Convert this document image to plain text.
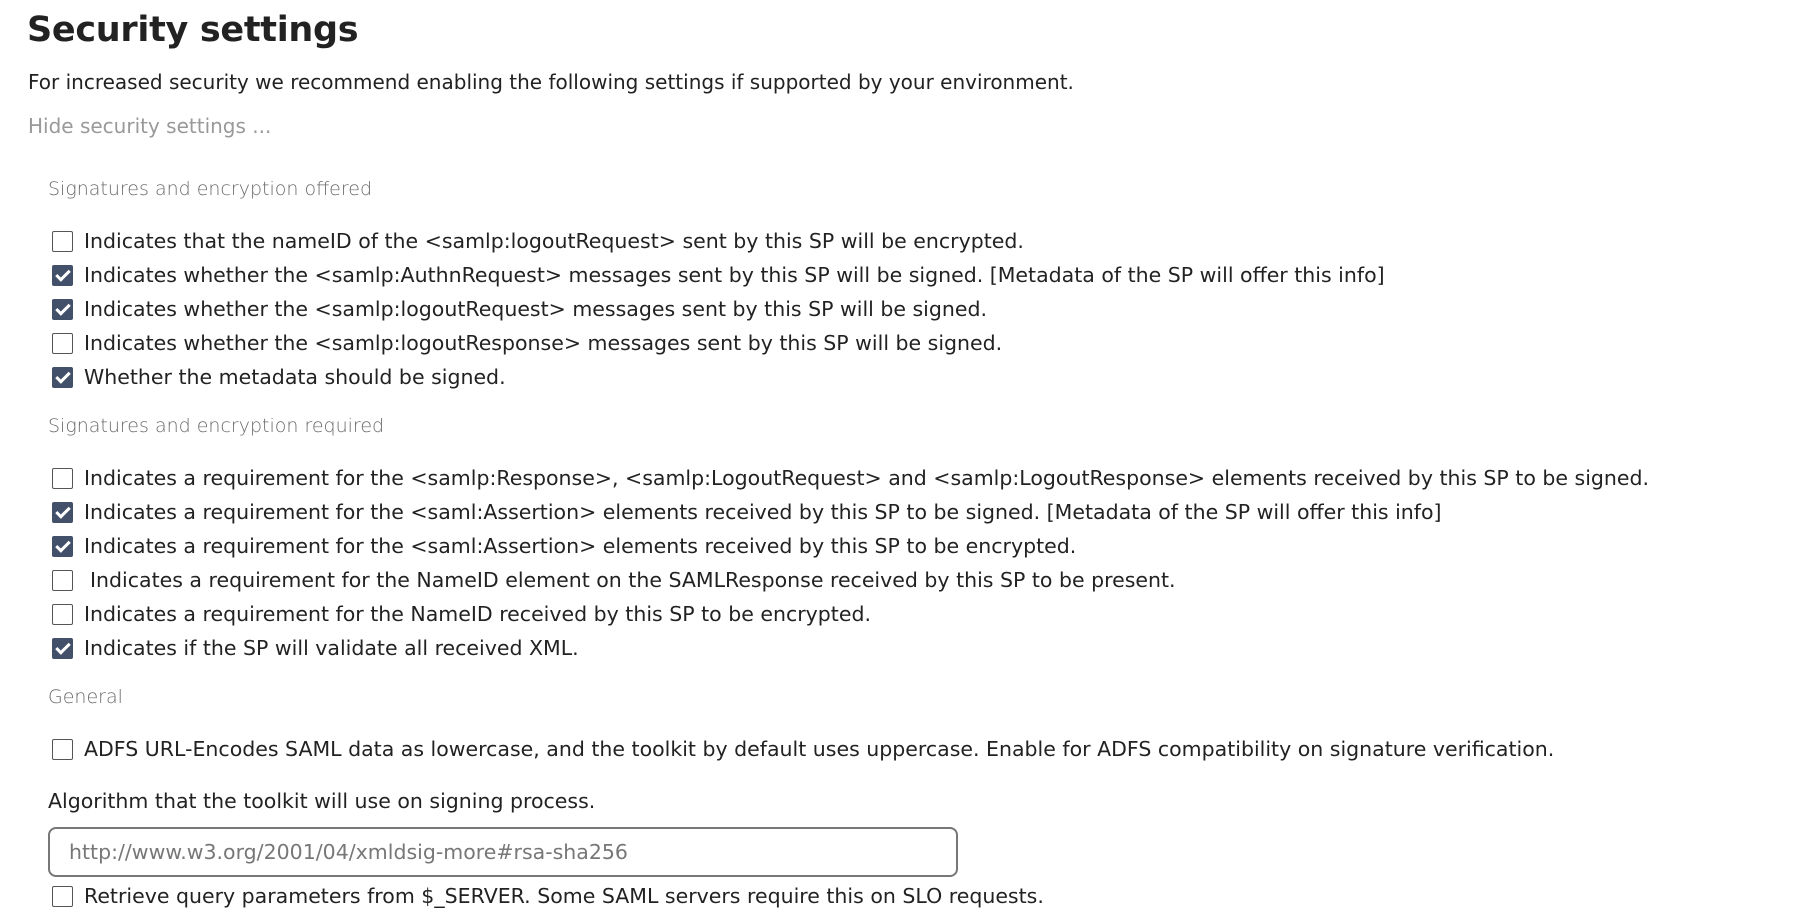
Security settings
For increased security we recommend enabling the following settings if supported by your environment.
Hide security settings ...
Signatures and encryption offered
Indicates that the nameID of the <samlp:logoutRequest> sent by this SP will be encrypted.
Indicates whether the <samlp:AuthnRequest> messages sent by this SP will be signed. [Metadata of the SP will offer this info]
Indicates whether the <samlp:logoutRequest> messages sent by this SP will be signed.
Indicates whether the <samlp:logoutResponse> messages sent by this SP will be signed.
Whether the metadata should be signed.
Signatures and encryption required
Indicates a requirement for the <samlp:Response>, <samlp:LogoutRequest> and <samlp:LogoutResponse> elements received by this SP to be signed.
Indicates a requirement for the <saml:Assertion> elements received by this SP to be signed. [Metadata of the SP will offer this info]
Indicates a requirement for the <saml:Assertion> elements received by this SP to be encrypted.
Indicates a requirement for the NameID element on the SAMLResponse received by this SP to be present.
Indicates a requirement for the NameID received by this SP to be encrypted.
Indicates if the SP will validate all received XML.
General
ADFS URL-Encodes SAML data as lowercase, and the toolkit by default uses uppercase. Enable for ADFS compatibility on signature verification.
Algorithm that the toolkit will use on signing process.
http://www.w3.org/2001/04/xmldsig-more#rsa-sha256
Retrieve query parameters from $_SERVER. Some SAML servers require this on SLO requests.
